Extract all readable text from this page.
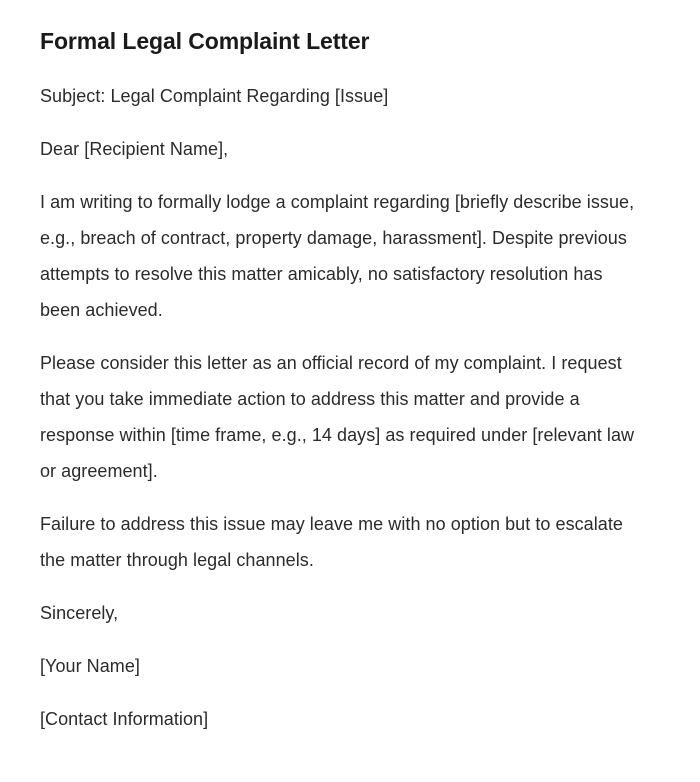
Formal Legal Complaint Letter

Subject: Legal Complaint Regarding [Issue]

Dear [Recipient Name],

I am writing to formally lodge a complaint regarding [briefly describe issue, e.g., breach of contract, property damage, harassment]. Despite previous attempts to resolve this matter amicably, no satisfactory resolution has been achieved.

Please consider this letter as an official record of my complaint. I request that you take immediate action to address this matter and provide a response within [time frame, e.g., 14 days] as required under [relevant law or agreement].

Failure to address this issue may leave me with no option but to escalate the matter through legal channels.

Sincerely,

[Your Name]

[Contact Information]
